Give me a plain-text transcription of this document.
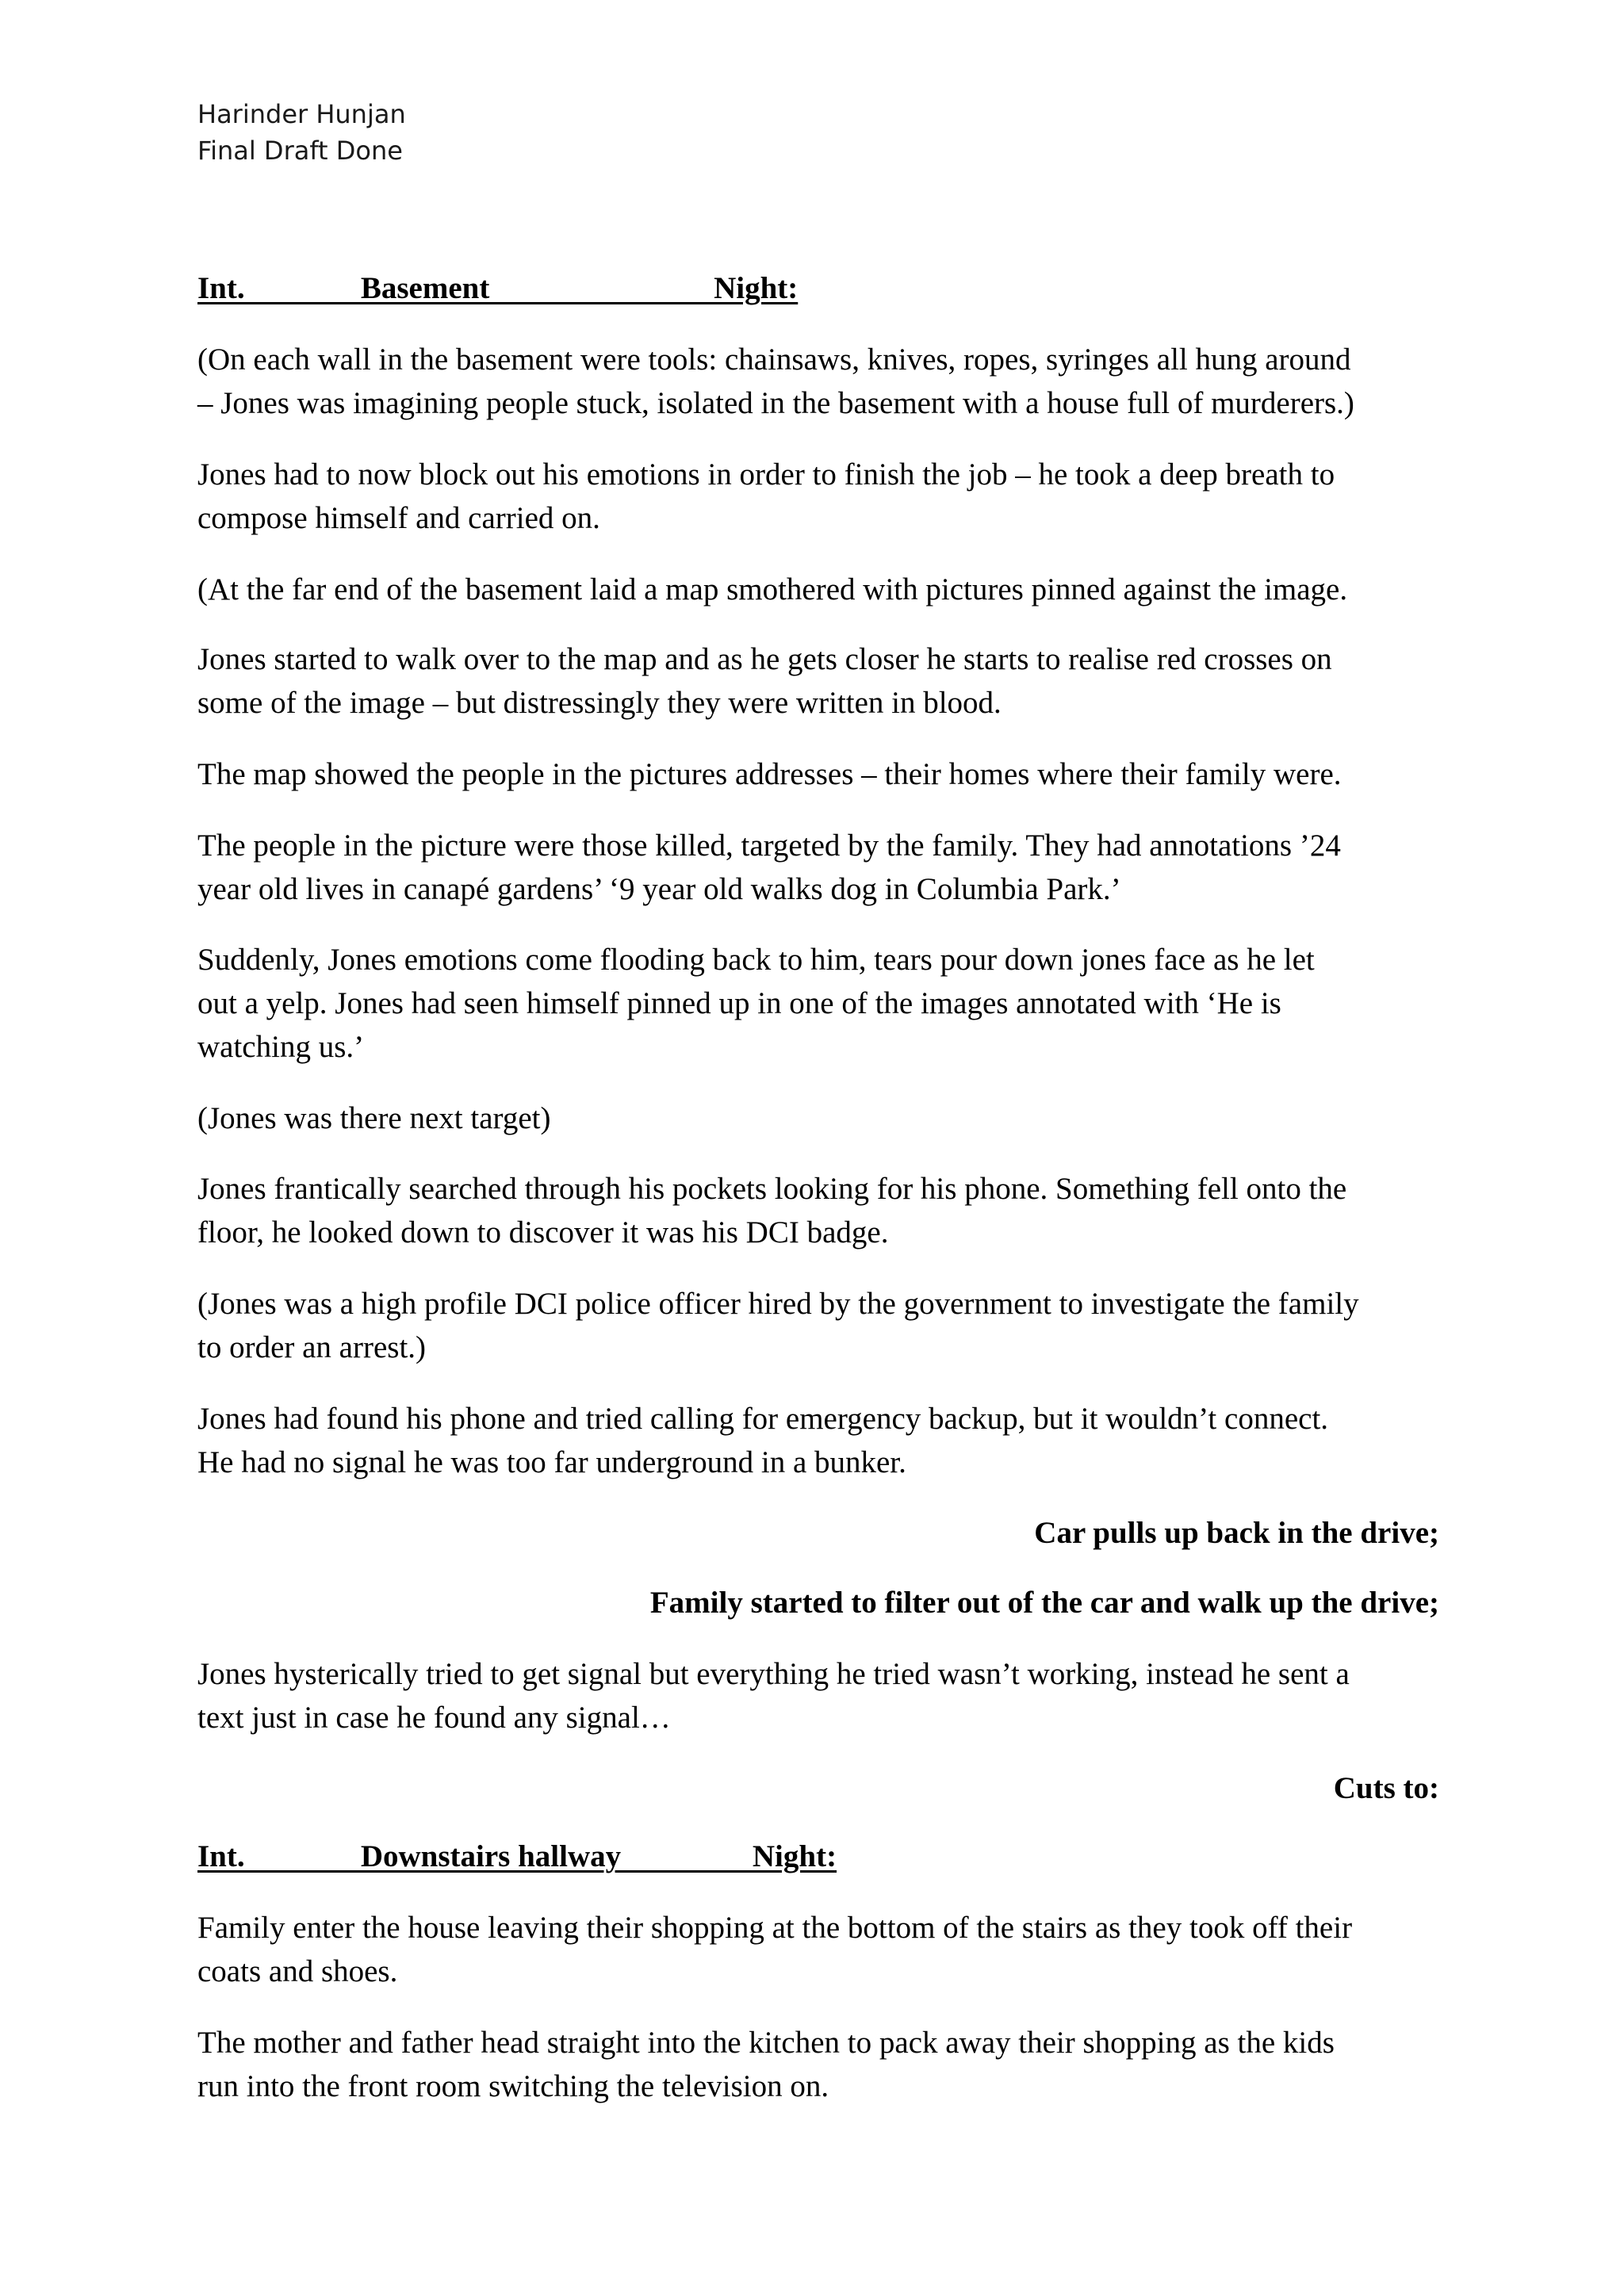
Harinder Hunjan
Final Draft Done
Int.               Basement                             Night:

(On each wall in the basement were tools: chainsaws, knives, ropes, syringes all hung around
– Jones was imagining people stuck, isolated in the basement with a house full of murderers.)

Jones had to now block out his emotions in order to finish the job – he took a deep breath to
compose himself and carried on.

(At the far end of the basement laid a map smothered with pictures pinned against the image.

Jones started to walk over to the map and as he gets closer he starts to realise red crosses on
some of the image – but distressingly they were written in blood.

The map showed the people in the pictures addresses – their homes where their family were.

The people in the picture were those killed, targeted by the family. They had annotations ’24
year old lives in canapé gardens’ ‘9 year old walks dog in Columbia Park.’

Suddenly, Jones emotions come flooding back to him, tears pour down jones face as he let
out a yelp. Jones had seen himself pinned up in one of the images annotated with ‘He is
watching us.’

(Jones was there next target)

Jones frantically searched through his pockets looking for his phone. Something fell onto the
floor, he looked down to discover it was his DCI badge.

(Jones was a high profile DCI police officer hired by the government to investigate the family
to order an arrest.)

Jones had found his phone and tried calling for emergency backup, but it wouldn’t connect.
He had no signal he was too far underground in a bunker.

Car pulls up back in the drive;
Family started to filter out of the car and walk up the drive;

Jones hysterically tried to get signal but everything he tried wasn’t working, instead he sent a
text just in case he found any signal…

Cuts to:
Int.               Downstairs hallway                 Night:

Family enter the house leaving their shopping at the bottom of the stairs as they took off their
coats and shoes.

The mother and father head straight into the kitchen to pack away their shopping as the kids
run into the front room switching the television on.
